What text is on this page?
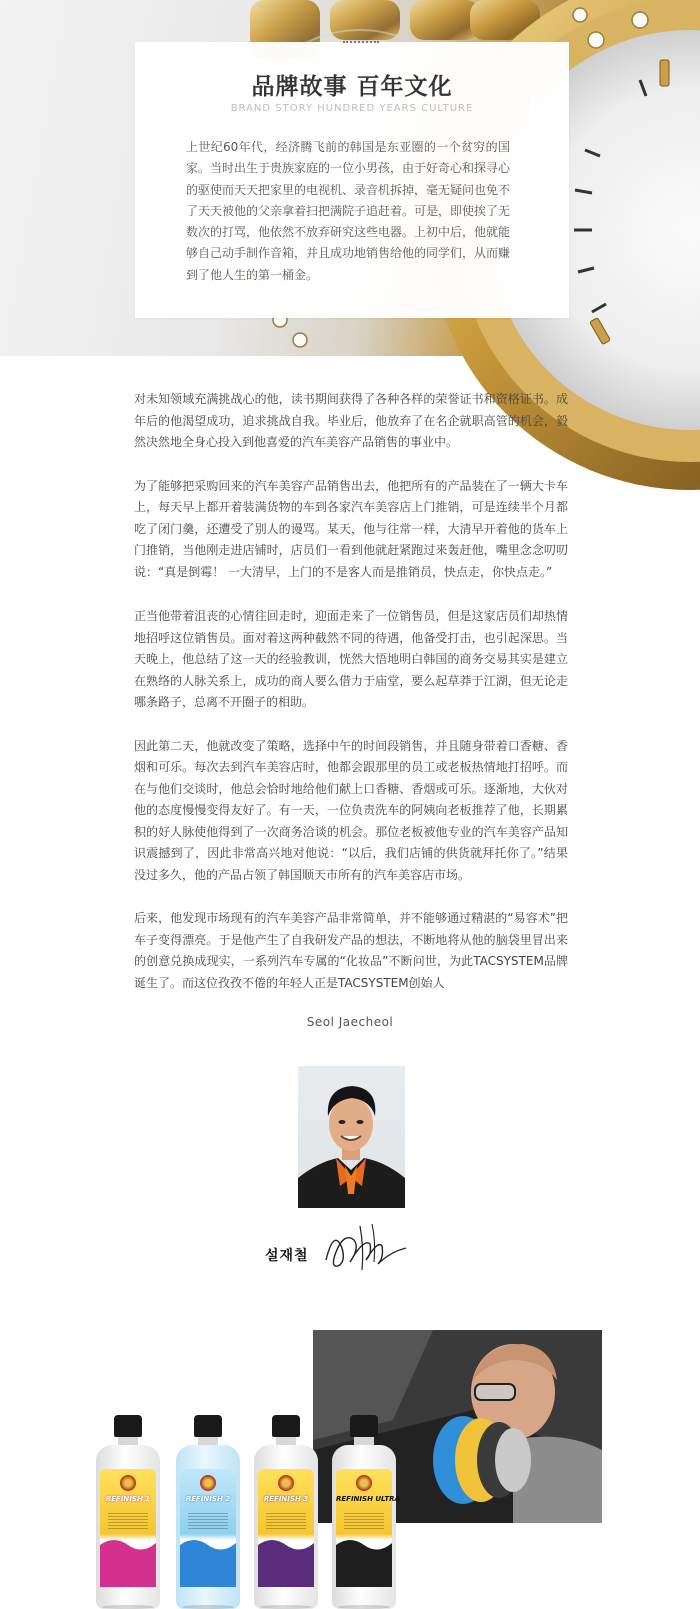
品牌故事 百年文化
BRAND STORY HUNDRED YEARS CULTURE
上世纪60年代，经济腾飞前的韩国是东亚圈的一个贫穷的国家。当时出生于贵族家庭的一位小男孩，由于好奇心和探寻心的驱使而天天把家里的电视机、录音机拆掉，毫无疑问也免不了天天被他的父亲拿着扫把满院子追赶着。可是，即使挨了无数次的打骂，他依然不放弃研究这些电器。上初中后，他就能够自己动手制作音箱，并且成功地销售给他的同学们，从而赚到了他人生的第一桶金。

对未知领域充满挑战心的他，读书期间获得了各种各样的荣誉证书和资格证书。成年后的他渴望成功，追求挑战自我。毕业后，他放弃了在名企就职高管的机会，毅然决然地全身心投入到他喜爱的汽车美容产品销售的事业中。

为了能够把采购回来的汽车美容产品销售出去，他把所有的产品装在了一辆大卡车上，每天早上都开着装满货物的车到各家汽车美容店上门推销，可是连续半个月都吃了闭门羹，还遭受了别人的谩骂。某天，他与往常一样，大清早开着他的货车上门推销，当他刚走进店铺时，店员们一看到他就赶紧跑过来轰赶他，嘴里念念叨叨说：“真是倒霉！ 一大清早，上门的不是客人而是推销员，快点走，你快点走。”

正当他带着沮丧的心情往回走时，迎面走来了一位销售员，但是这家店员们却热情地招呼这位销售员。面对着这两种截然不同的待遇，他备受打击，也引起深思。当天晚上，他总结了这一天的经验教训，恍然大悟地明白韩国的商务交易其实是建立在熟络的人脉关系上，成功的商人要么借力于庙堂，要么起草莽于江湖，但无论走哪条路子，总离不开圈子的相助。

因此第二天，他就改变了策略，选择中午的时间段销售，并且随身带着口香糖、香烟和可乐。每次去到汽车美容店时，他都会跟那里的员工或老板热情地打招呼。而在与他们交谈时，他总会恰时地给他们献上口香糖、香烟或可乐。逐渐地，大伙对他的态度慢慢变得友好了。有一天，一位负责洗车的阿姨向老板推荐了他，长期累积的好人脉使他得到了一次商务洽谈的机会。那位老板被他专业的汽车美容产品知识震撼到了，因此非常高兴地对他说：“以后，我们店铺的供货就拜托你了。”结果没过多久，他的产品占领了韩国顺天市所有的汽车美容店市场。

后来，他发现市场现有的汽车美容产品非常简单，并不能够通过精湛的“易容术”把车子变得漂亮。于是他产生了自我研发产品的想法，不断地将从他的脑袋里冒出来的创意兑换成现实，一系列汽车专属的“化妆品”不断问世，为此TACSYSTEM品牌诞生了。而这位孜孜不倦的年轻人正是TACSYSTEM创始人

Seol Jaecheol
설재철
REFINISH 1	REFINISH 2	REFINISH 3	REFINISH ULTRA
